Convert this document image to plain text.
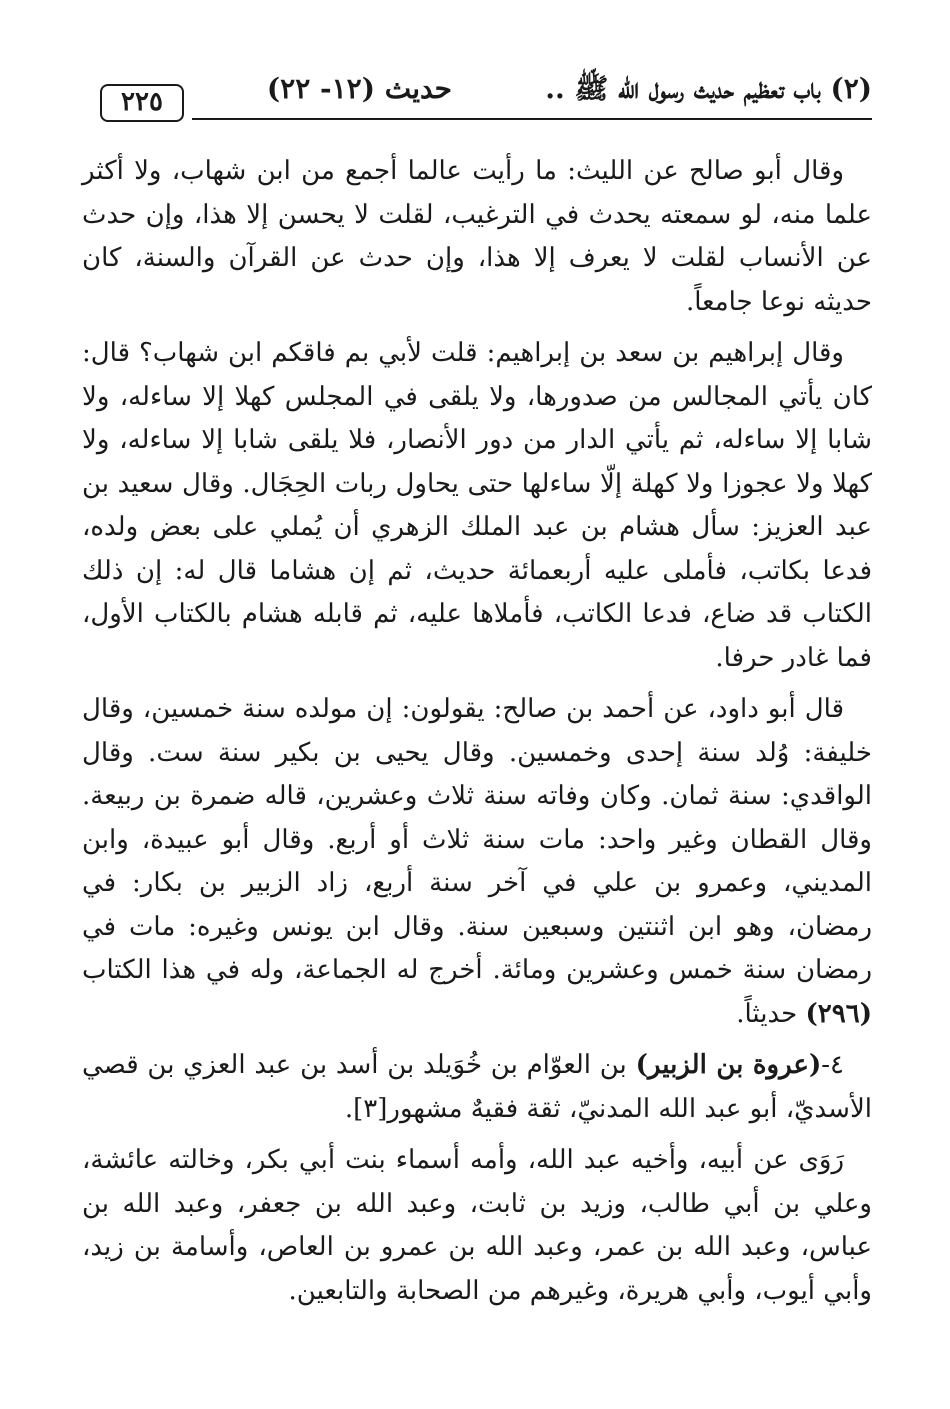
(٢) باب تعظيم حديث رسول الله ﷺ ..
حديث (١٢- ٢٢)
٢٢٥

وقال أبو صالح عن الليث: ما رأيت عالما أجمع من ابن شهاب، ولا أكثر علما منه، لو سمعته يحدث في الترغيب، لقلت لا يحسن إلا هذا، وإن حدث عن الأنساب لقلت لا يعرف إلا هذا، وإن حدث عن القرآن والسنة، كان حديثه نوعا جامعاً.

وقال إبراهيم بن سعد بن إبراهيم: قلت لأبي بم فاقكم ابن شهاب؟ قال: كان يأتي المجالس من صدورها، ولا يلقى في المجلس كهلا إلا ساءله، ولا شابا إلا ساءله، ثم يأتي الدار من دور الأنصار، فلا يلقى شابا إلا ساءله، ولا كهلا ولا عجوزا ولا كهلة إلّا ساءلها حتى يحاول ربات الحِجَال. وقال سعيد بن عبد العزيز: سأل هشام بن عبد الملك الزهري أن يُملي على بعض ولده، فدعا بكاتب، فأملى عليه أربعمائة حديث، ثم إن هشاما قال له: إن ذلك الكتاب قد ضاع، فدعا الكاتب، فأملاها عليه، ثم قابله هشام بالكتاب الأول، فما غادر حرفا.

قال أبو داود، عن أحمد بن صالح: يقولون: إن مولده سنة خمسين، وقال خليفة: وُلد سنة إحدى وخمسين. وقال يحيى بن بكير سنة ست. وقال الواقدي: سنة ثمان. وكان وفاته سنة ثلاث وعشرين، قاله ضمرة بن ربيعة. وقال القطان وغير واحد: مات سنة ثلاث أو أربع. وقال أبو عبيدة، وابن المديني، وعمرو بن علي في آخر سنة أربع، زاد الزبير بن بكار: في رمضان، وهو ابن اثنتين وسبعين سنة. وقال ابن يونس وغيره: مات في رمضان سنة خمس وعشرين ومائة. أخرج له الجماعة، وله في هذا الكتاب (٢٩٦) حديثاً.

٤-(عروة بن الزبير) بن العوّام بن خُوَيلد بن أسد بن عبد العزي بن قصي الأسديّ، أبو عبد الله المدنيّ، ثقة فقيهٌ مشهور[٣].

رَوَى عن أبيه، وأخيه عبد الله، وأمه أسماء بنت أبي بكر، وخالته عائشة، وعلي بن أبي طالب، وزيد بن ثابت، وعبد الله بن جعفر، وعبد الله بن عباس، وعبد الله بن عمر، وعبد الله بن عمرو بن العاص، وأسامة بن زيد، وأبي أيوب، وأبي هريرة، وغيرهم من الصحابة والتابعين.
